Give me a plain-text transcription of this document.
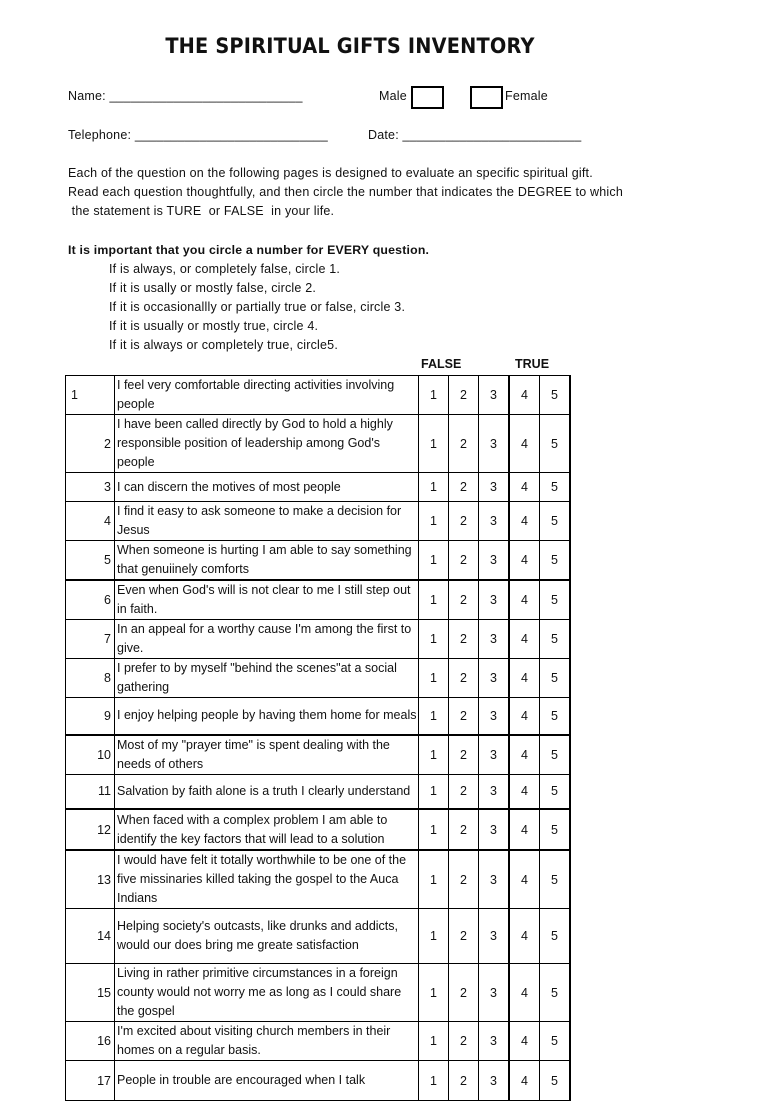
THE SPIRITUAL GIFTS INVENTORY
Name: ___________________________	Male	Female
Telephone: ___________________________	Date: _________________________
Each of the question on the following pages is designed to evaluate an specific spiritual gift.
Read each question thoughtfully, and then circle the number that indicates the DEGREE to which
the statement is TURE  or FALSE  in your life.
It is important that you circle a number for EVERY question.
If is always, or completely false, circle 1.
If it is usally or mostly false, circle 2.
If it is occasionallly or partially true or false, circle 3.
If it is usually or mostly true, circle 4.
If it is always or completely true, circle5.
FALSE	TRUE
1	I feel very comfortable directing activities involving people	1	2	3	4	5
2	I have been called directly by God to hold a highly responsible position of leadership among God's people	1	2	3	4	5
3	I can discern the motives of most people	1	2	3	4	5
4	I find it easy to ask someone to make a decision for Jesus	1	2	3	4	5
5	When someone is hurting I am able to say something that genuiinely comforts	1	2	3	4	5
6	Even when God's will is not clear to me I still step out in faith.	1	2	3	4	5
7	In an appeal for a worthy cause I'm among the first to give.	1	2	3	4	5
8	I prefer to by myself "behind the scenes"at a social gathering	1	2	3	4	5
9	I enjoy helping people by having them home for meals	1	2	3	4	5
10	Most of my "prayer time" is spent dealing with the needs of others	1	2	3	4	5
11	Salvation by faith alone is a truth I clearly understand	1	2	3	4	5
12	When faced with a complex problem I am able to identify the key factors that will lead to a solution	1	2	3	4	5
13	I would have felt it totally worthwhile to be one of the five missinaries killed taking the gospel to the Auca Indians	1	2	3	4	5
14	Helping society's outcasts, like drunks and addicts, would our does bring me greate satisfaction	1	2	3	4	5
15	Living in rather primitive circumstances in a foreign county would not worry me as long as I could share the gospel	1	2	3	4	5
16	I'm excited about visiting church members in their homes on a regular basis.	1	2	3	4	5
17	People in trouble are encouraged when I talk	1	2	3	4	5
